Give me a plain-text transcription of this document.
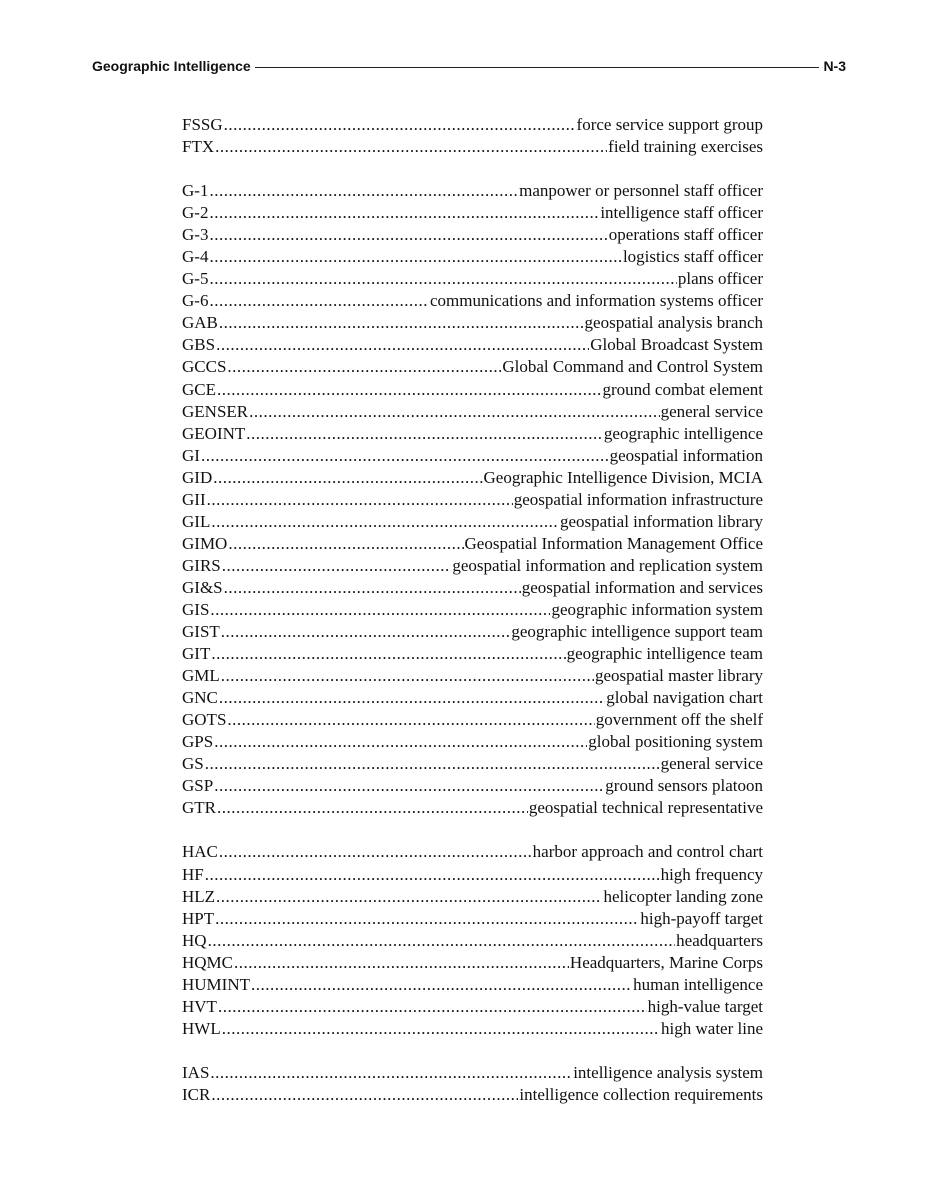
Geographic Intelligence	N-3
FSSG .....	force service support group
FTX .....	field training exercises
G-1 .....	manpower or personnel staff officer
G-2 .....	intelligence staff officer
G-3 .....	operations staff officer
G-4 .....	logistics staff officer
G-5 .....	plans officer
G-6 .....	communications and information systems officer
GAB .....	geospatial analysis branch
GBS .....	Global Broadcast System
GCCS .....	Global Command and Control System
GCE .....	ground combat element
GENSER .....	general service
GEOINT .....	geographic intelligence
GI .....	geospatial information
GID .....	Geographic Intelligence Division, MCIA
GII .....	geospatial information infrastructure
GIL .....	geospatial information library
GIMO .....	Geospatial Information Management Office
GIRS .....	geospatial information and replication system
GI&S .....	geospatial information and services
GIS .....	geographic information system
GIST .....	geographic intelligence support team
GIT .....	geographic intelligence team
GML .....	geospatial master library
GNC .....	global navigation chart
GOTS .....	government off the shelf
GPS .....	global positioning system
GS .....	general service
GSP .....	ground sensors platoon
GTR .....	geospatial technical representative
HAC .....	harbor approach and control chart
HF .....	high frequency
HLZ .....	helicopter landing zone
HPT .....	high-payoff target
HQ .....	headquarters
HQMC .....	Headquarters, Marine Corps
HUMINT .....	human intelligence
HVT .....	high-value target
HWL .....	high water line
IAS .....	intelligence analysis system
ICR .....	intelligence collection requirements
